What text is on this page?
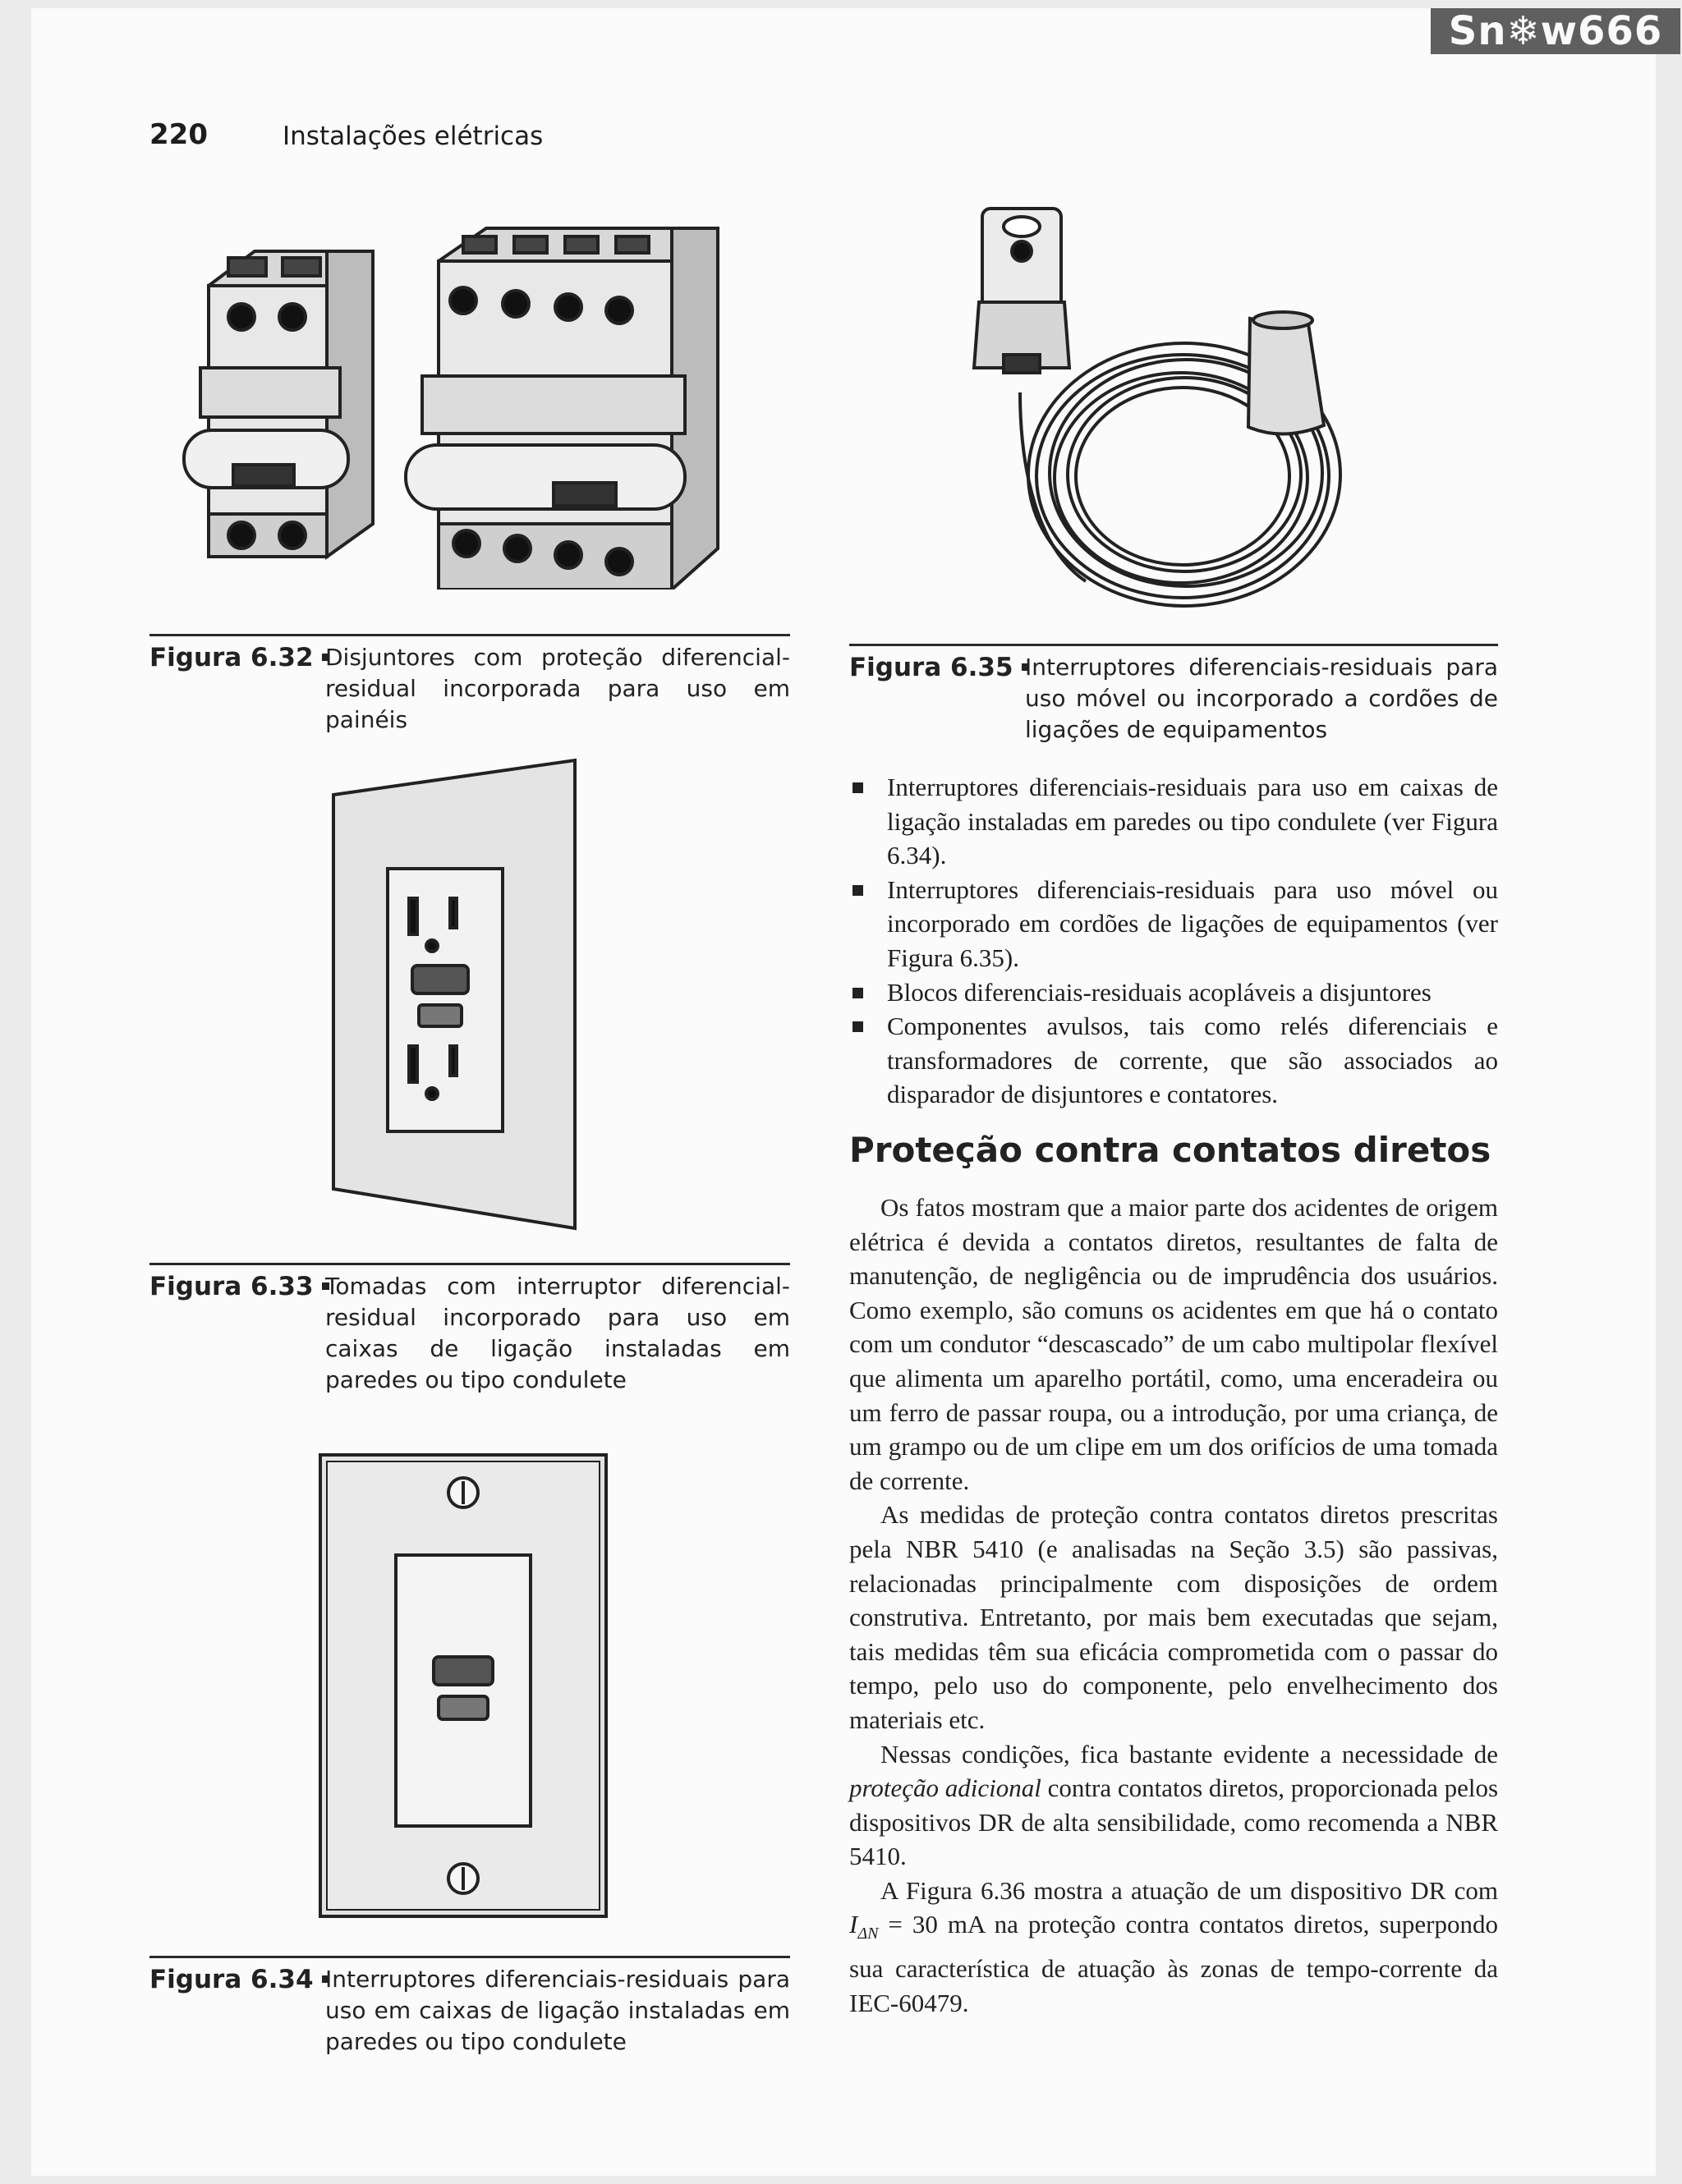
Sn❄w666
220	Instalações elétricas
Figura 6.32 Disjuntores com proteção diferencial-residual incorporada para uso em painéis
Figura 6.33 Tomadas com interruptor diferencial-residual incorporado para uso em caixas de ligação instaladas em paredes ou tipo condulete
Figura 6.34 Interruptores diferenciais-residuais para uso em caixas de ligação instaladas em paredes ou tipo condulete
Figura 6.35 Interruptores diferenciais-residuais para uso móvel ou incorporado a cordões de ligações de equipamentos
Interruptores diferenciais-residuais para uso em caixas de ligação instaladas em paredes ou tipo condulete (ver Figura 6.34).
Interruptores diferenciais-residuais para uso móvel ou incorporado em cordões de ligações de equipamentos (ver Figura 6.35).
Blocos diferenciais-residuais acopláveis a disjuntores
Componentes avulsos, tais como relés diferenciais e transformadores de corrente, que são associados ao disparador de disjuntores e contatores.
Proteção contra contatos diretos

Os fatos mostram que a maior parte dos acidentes de origem elétrica é devida a contatos diretos, resultantes de falta de manutenção, de negligência ou de imprudência dos usuários. Como exemplo, são comuns os acidentes em que há o contato com um condutor “descascado” de um cabo multipolar flexível que alimenta um aparelho portátil, como, uma enceradeira ou um ferro de passar roupa, ou a introdução, por uma criança, de um grampo ou de um clipe em um dos orifícios de uma tomada de corrente.

As medidas de proteção contra contatos diretos prescritas pela NBR 5410 (e analisadas na Seção 3.5) são passivas, relacionadas principalmente com disposições de ordem construtiva. Entretanto, por mais bem executadas que sejam, tais medidas têm sua eficácia comprometida com o passar do tempo, pelo uso do componente, pelo envelhecimento dos materiais etc.

Nessas condições, fica bastante evidente a necessidade de proteção adicional contra contatos diretos, proporcionada pelos dispositivos DR de alta sensibilidade, como recomenda a NBR 5410.

A Figura 6.36 mostra a atuação de um dispositivo DR com $I_{\Delta N} = 30$ mA na proteção contra contatos diretos, superpondo sua característica de atuação às zonas de tempo-corrente da IEC-60479.
